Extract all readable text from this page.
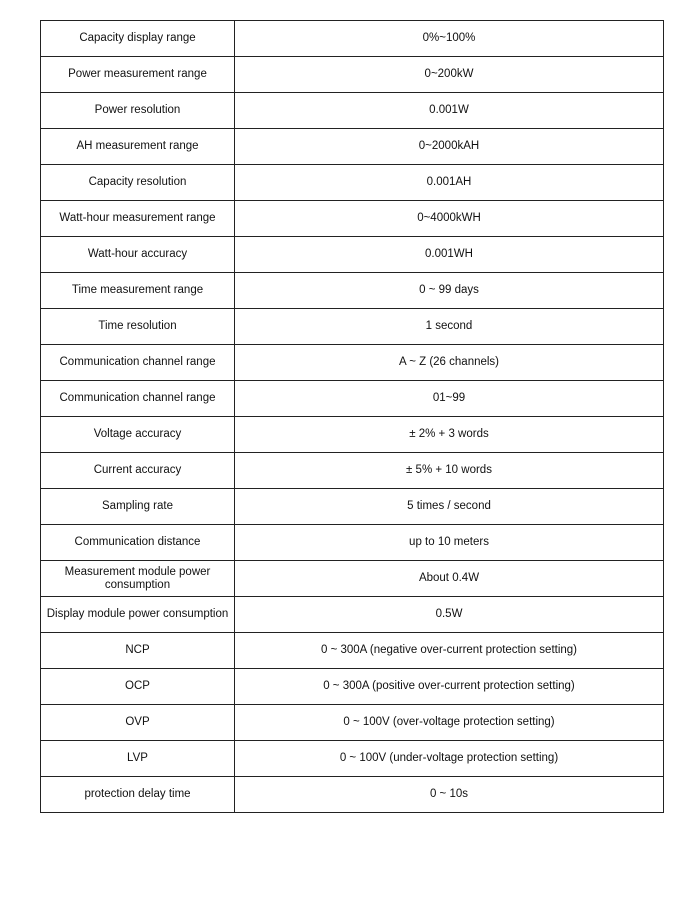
Capacity display range	0%~100%
Power measurement range	0~200kW
Power resolution	0.001W
AH measurement range	0~2000kAH
Capacity resolution	0.001AH
Watt-hour measurement range	0~4000kWH
Watt-hour accuracy	0.001WH
Time measurement range	0 ~ 99 days
Time resolution	1 second
Communication channel range	A ~ Z (26 channels)
Communication channel range	01~99
Voltage accuracy	± 2% + 3 words
Current accuracy	± 5% + 10 words
Sampling rate	5 times / second
Communication distance	up to 10 meters
Measurement module power consumption	About 0.4W
Display module power consumption	0.5W
NCP	0 ~ 300A (negative over-current protection setting)
OCP	0 ~ 300A (positive over-current protection setting)
OVP	0 ~ 100V (over-voltage protection setting)
LVP	0 ~ 100V (under-voltage protection setting)
protection delay time	0 ~ 10s
